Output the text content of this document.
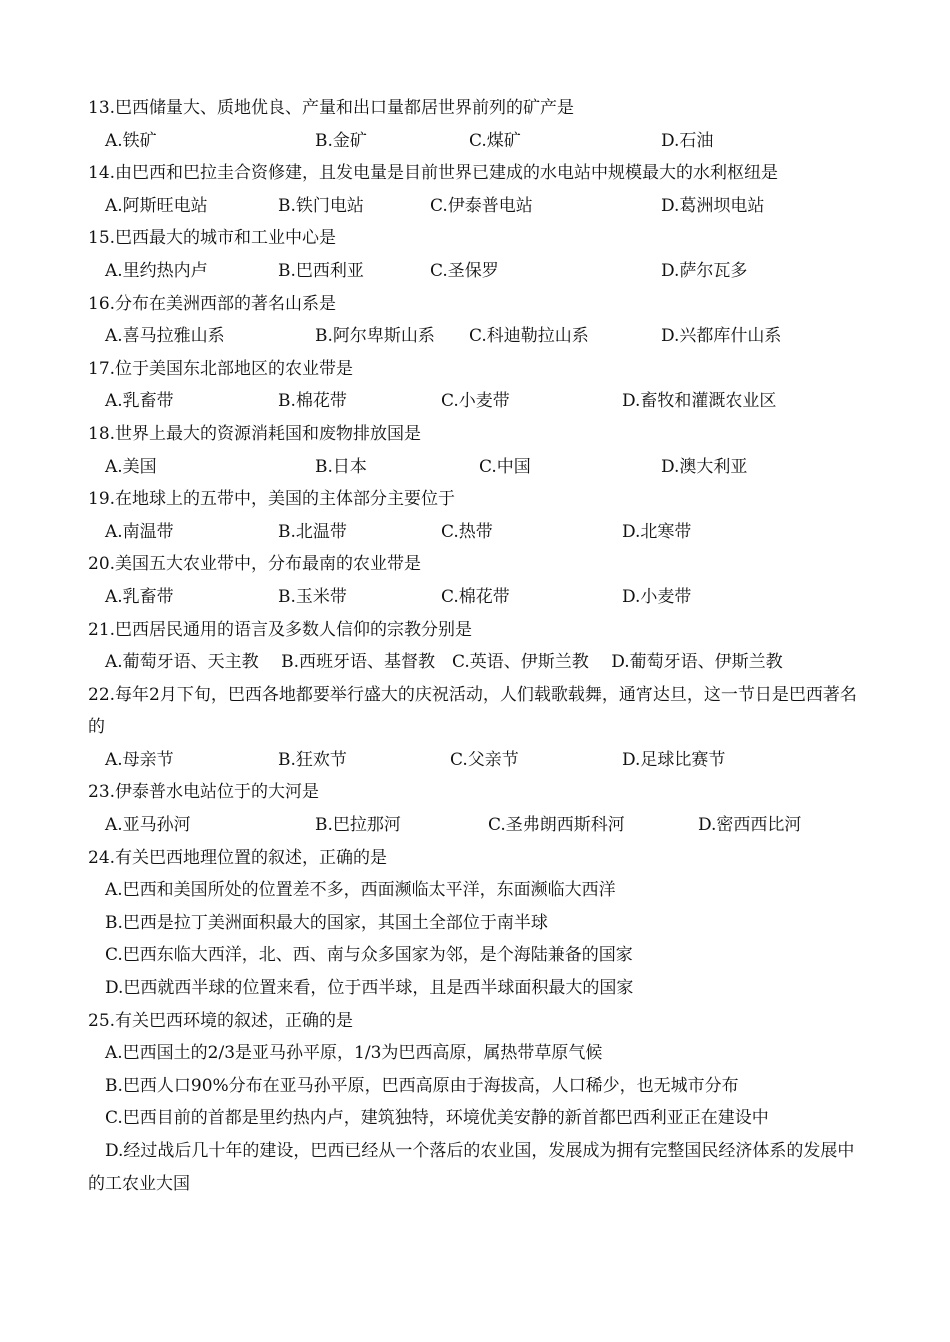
13.巴西储量大、质地优良、产量和出口量都居世界前列的矿产是
A.铁矿	B.金矿	C.煤矿	D.石油
14.由巴西和巴拉圭合资修建，且发电量是目前世界已建成的水电站中规模最大的水利枢纽是
A.阿斯旺电站	B.铁门电站	C.伊泰普电站	D.葛洲坝电站
15.巴西最大的城市和工业中心是
A.里约热内卢	B.巴西利亚	C.圣保罗	D.萨尔瓦多
16.分布在美洲西部的著名山系是
A.喜马拉雅山系	B.阿尔卑斯山系 C.科迪勒拉山系	D.兴都库什山系
17.位于美国东北部地区的农业带是
A.乳畜带	B.棉花带	C.小麦带	D.畜牧和灌溉农业区
18.世界上最大的资源消耗国和废物排放国是
A.美国	B.日本	C.中国	D.澳大利亚
19.在地球上的五带中，美国的主体部分主要位于
A.南温带	B.北温带	C.热带	D.北寒带
20.美国五大农业带中，分布最南的农业带是
A.乳畜带	B.玉米带	C.棉花带	D.小麦带
21.巴西居民通用的语言及多数人信仰的宗教分别是
A.葡萄牙语、天主教　 B.西班牙语、基督教　C.英语、伊斯兰教　 D.葡萄牙语、伊斯兰教
22.每年2月下旬，巴西各地都要举行盛大的庆祝活动，人们载歌载舞，通宵达旦，这一节日是巴西著名的
A.母亲节	B.狂欢节	C.父亲节	D.足球比赛节
23.伊泰普水电站位于的大河是
A.亚马孙河	B.巴拉那河	C.圣弗朗西斯科河	D.密西西比河
24.有关巴西地理位置的叙述，正确的是
A.巴西和美国所处的位置差不多，西面濒临太平洋，东面濒临大西洋
B.巴西是拉丁美洲面积最大的国家，其国土全部位于南半球
C.巴西东临大西洋，北、西、南与众多国家为邻，是个海陆兼备的国家
D.巴西就西半球的位置来看，位于西半球，且是西半球面积最大的国家
25.有关巴西环境的叙述，正确的是
A.巴西国土的2/3是亚马孙平原，1/3为巴西高原，属热带草原气候
B.巴西人口90%分布在亚马孙平原，巴西高原由于海拔高，人口稀少，也无城市分布
C.巴西目前的首都是里约热内卢，建筑独特，环境优美安静的新首都巴西利亚正在建设中
D.经过战后几十年的建设，巴西已经从一个落后的农业国，发展成为拥有完整国民经济体系的发展中的工农业大国
